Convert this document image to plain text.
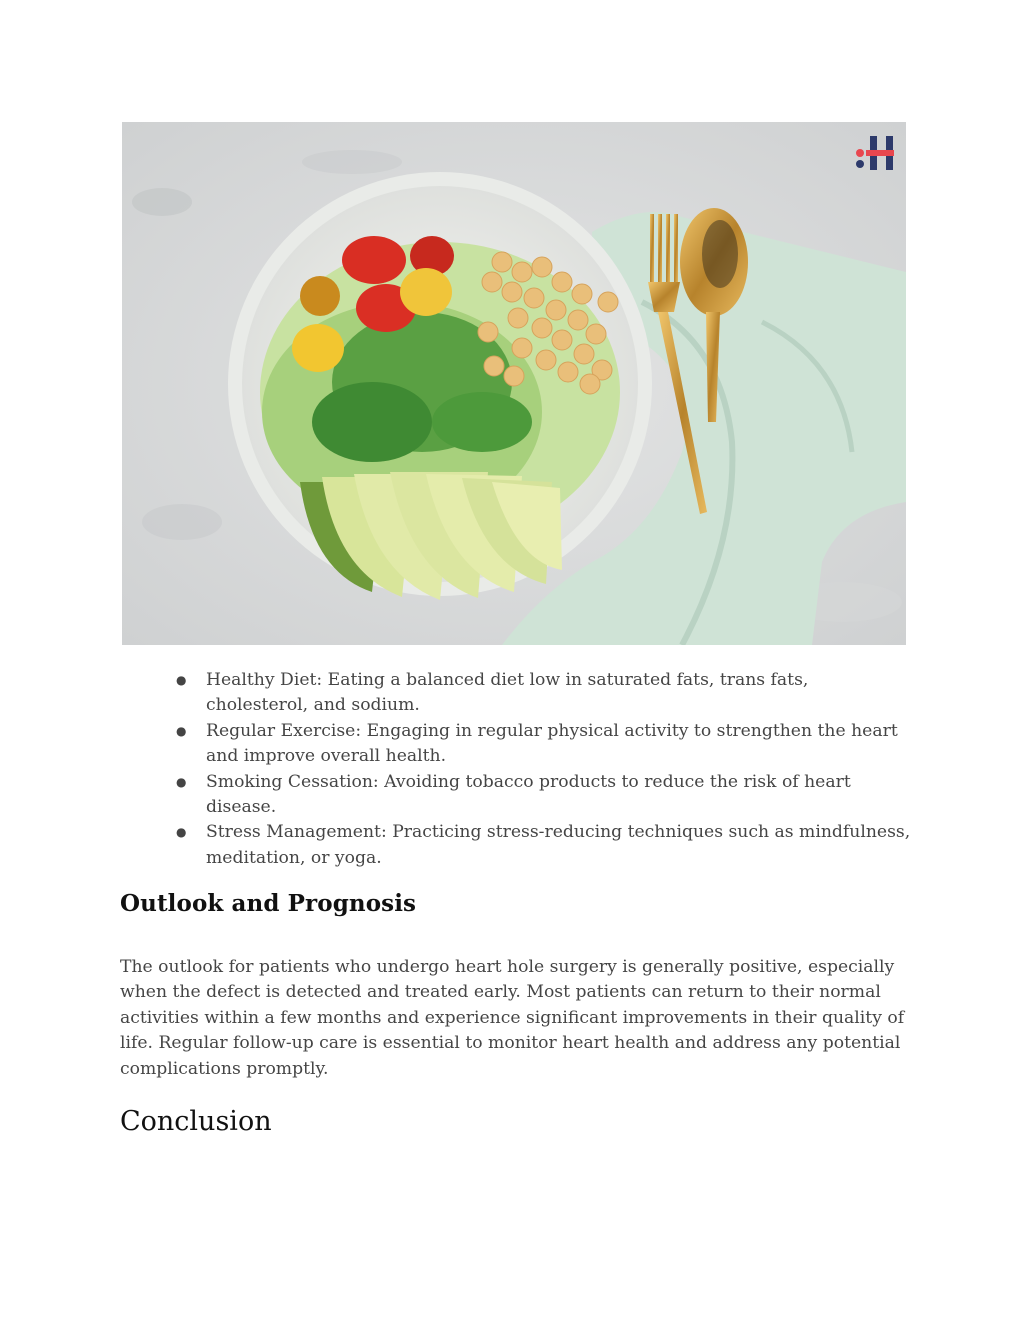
● Healthy Diet: Eating a balanced diet low in saturated fats, trans fats, cholesterol, and sodium.
● Regular Exercise: Engaging in regular physical activity to strengthen the heart and improve overall health.
● Smoking Cessation: Avoiding tobacco products to reduce the risk of heart disease.
● Stress Management: Practicing stress-reducing techniques such as mindfulness, meditation, or yoga.
Outlook and Prognosis

The outlook for patients who undergo heart hole surgery is generally positive, especially when the defect is detected and treated early. Most patients can return to their normal activities within a few months and experience significant improvements in their quality of life. Regular follow-up care is essential to monitor heart health and address any potential complications promptly.

Conclusion
